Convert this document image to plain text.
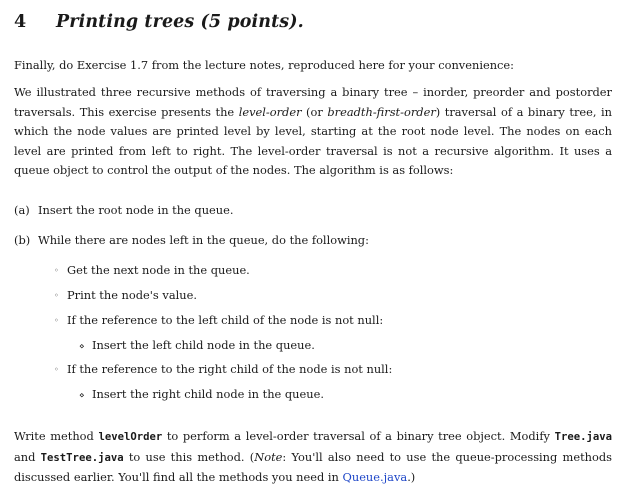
4 Printing trees (5 points).
Finally, do Exercise 1.7 from the lecture notes, reproduced here for your convenience:
We illustrated three recursive methods of traversing a binary tree – inorder, preorder and postorder traversals. This exercise presents the level-order (or breadth-first-order) traversal of a binary tree, in which the node values are printed level by level, starting at the root node level. The nodes on each level are printed from left to right. The level-order traversal is not a recursive algorithm. It uses a queue object to control the output of the nodes. The algorithm is as follows:
(a) Insert the root node in the queue.
(b) While there are nodes left in the queue, do the following:
◦ Get the next node in the queue.
◦ Print the node's value.
◦ If the reference to the left child of the node is not null:
⋄ Insert the left child node in the queue.
◦ If the reference to the right child of the node is not null:
⋄ Insert the right child node in the queue.
Write method levelOrder to perform a level-order traversal of a binary tree object. Modify Tree.java and TestTree.java to use this method. (Note: You'll also need to use the queue-processing methods discussed earlier. You'll find all the methods you need in Queue.java.)
